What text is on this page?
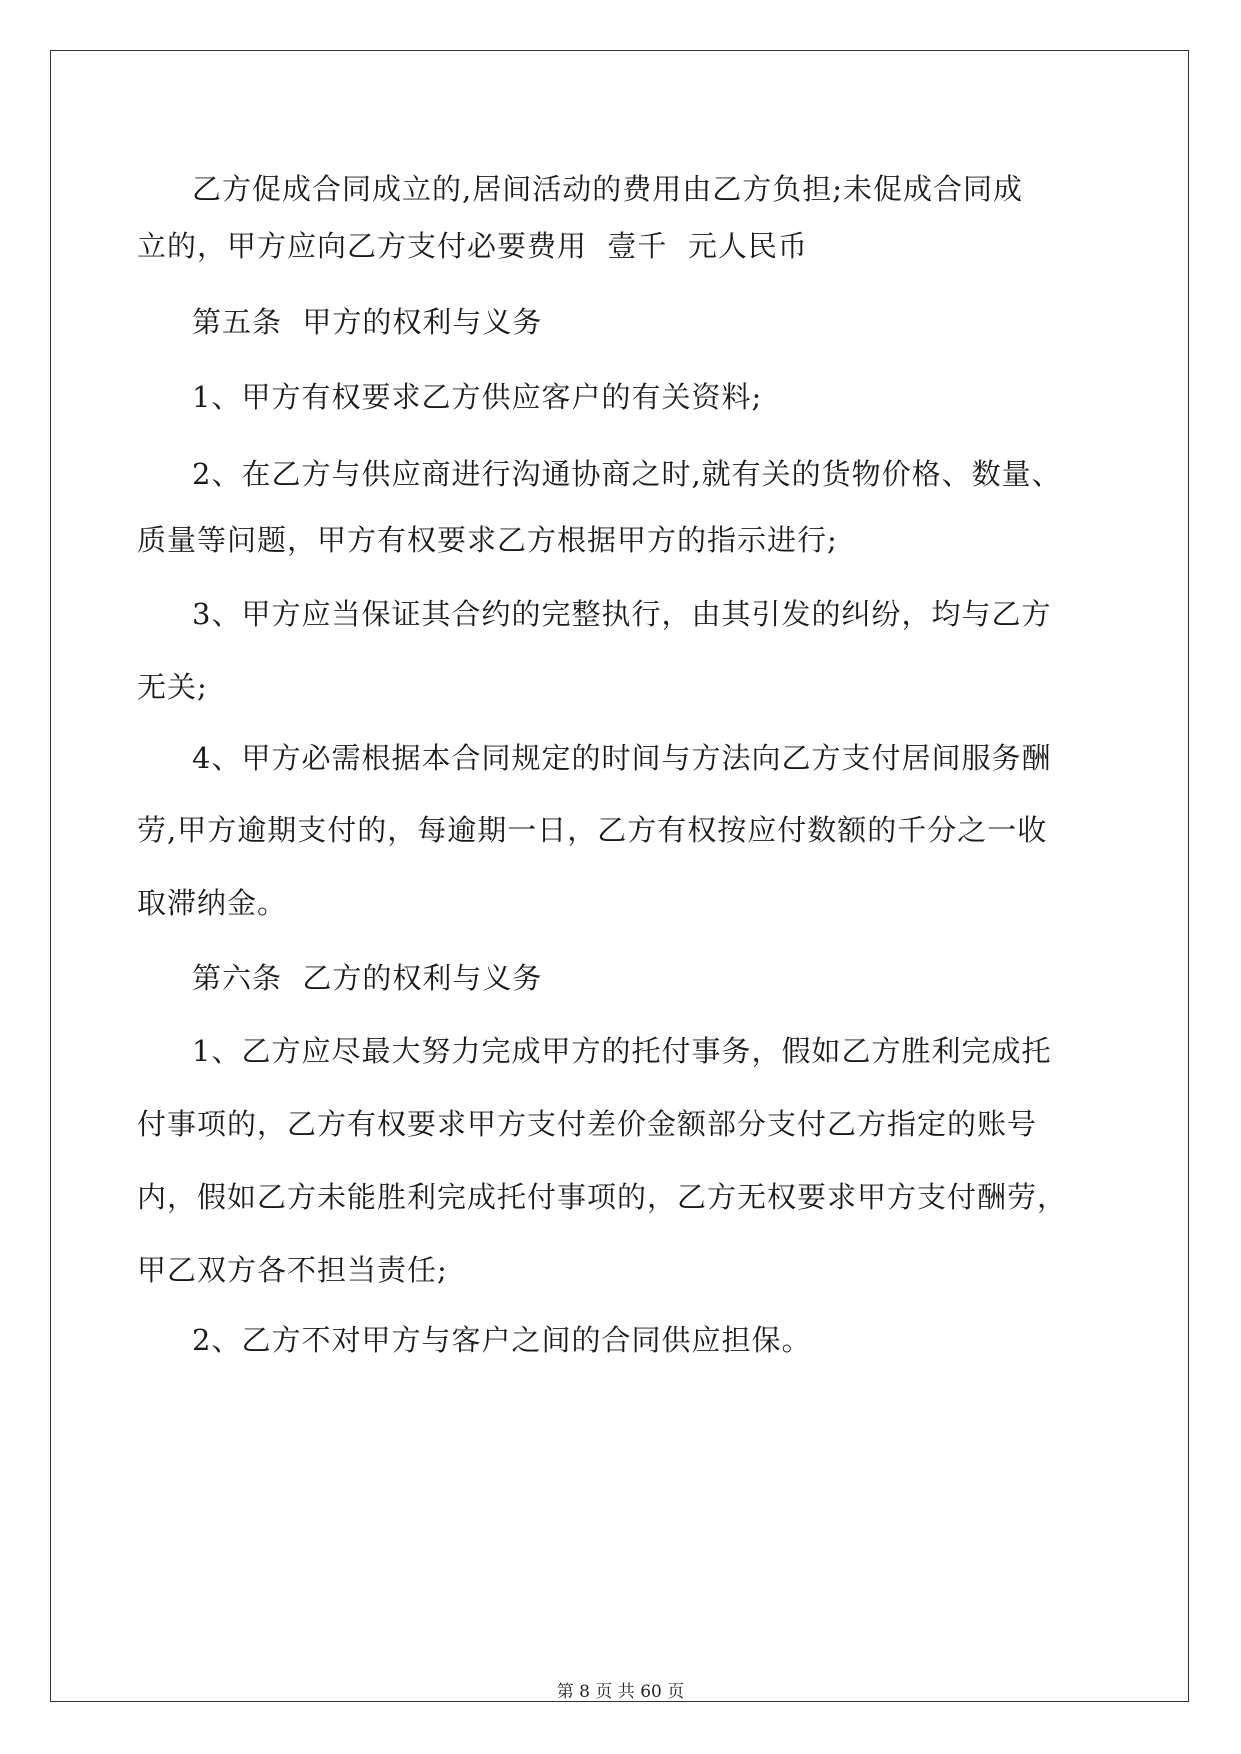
乙方促成合同成立的,居间活动的费用由乙方负担;未促成合同成
立的，甲方应向乙方支付必要费用  壹千  元人民币
第五条  甲方的权利与义务
1、甲方有权要求乙方供应客户的有关资料;
2、在乙方与供应商进行沟通协商之时,就有关的货物价格、数量、
质量等问题，甲方有权要求乙方根据甲方的指示进行;
3、甲方应当保证其合约的完整执行，由其引发的纠纷，均与乙方
无关;
4、甲方必需根据本合同规定的时间与方法向乙方支付居间服务酬
劳,甲方逾期支付的，每逾期一日，乙方有权按应付数额的千分之一收
取滞纳金。
第六条  乙方的权利与义务
1、乙方应尽最大努力完成甲方的托付事务，假如乙方胜利完成托
付事项的，乙方有权要求甲方支付差价金额部分支付乙方指定的账号
内，假如乙方未能胜利完成托付事项的，乙方无权要求甲方支付酬劳，
甲乙双方各不担当责任;
2、乙方不对甲方与客户之间的合同供应担保。
第 8 页 共 60 页
